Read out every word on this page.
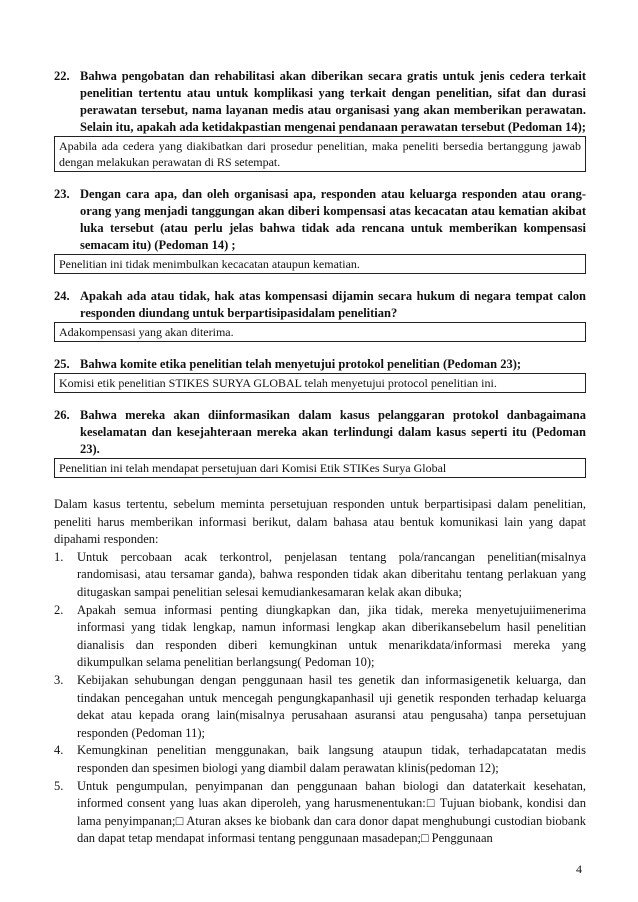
22. Bahwa pengobatan dan rehabilitasi akan diberikan secara gratis untuk jenis cedera terkait penelitian tertentu atau untuk komplikasi yang terkait dengan penelitian, sifat dan durasi perawatan tersebut, nama layanan medis atau organisasi yang akan memberikan perawatan. Selain itu, apakah ada ketidakpastian mengenai pendanaan perawatan tersebut (Pedoman 14);
Apabila ada cedera yang diakibatkan dari prosedur penelitian, maka peneliti bersedia bertanggung jawab dengan melakukan perawatan di RS setempat.
23. Dengan cara apa, dan oleh organisasi apa, responden atau keluarga responden atau orang-orang yang menjadi tanggungan akan diberi kompensasi atas kecacatan atau kematian akibat luka tersebut (atau perlu jelas bahwa tidak ada rencana untuk memberikan kompensasi semacam itu) (Pedoman 14) ;
Penelitian ini tidak menimbulkan kecacatan ataupun kematian.
24. Apakah ada atau tidak, hak atas kompensasi dijamin secara hukum di negara tempat calon responden diundang untuk berpartisipasidalam penelitian?
Adakompensasi yang akan diterima.
25. Bahwa komite etika penelitian telah menyetujui protokol penelitian (Pedoman 23);
Komisi etik penelitian STIKES SURYA GLOBAL telah menyetujui protocol penelitian ini.
26. Bahwa mereka akan diinformasikan dalam kasus pelanggaran protokol danbagaimana keselamatan dan kesejahteraan mereka akan terlindungi dalam kasus seperti itu (Pedoman 23).
Penelitian ini telah mendapat persetujuan dari Komisi Etik STIKes Surya Global
Dalam kasus tertentu, sebelum meminta persetujuan responden untuk berpartisipasi dalam penelitian, peneliti harus memberikan informasi berikut, dalam bahasa atau bentuk komunikasi lain yang dapat dipahami responden:
1.	Untuk percobaan acak terkontrol, penjelasan tentang pola/rancangan penelitian(misalnya randomisasi, atau tersamar ganda), bahwa responden tidak akan diberitahu tentang perlakuan yang ditugaskan sampai penelitian selesai kemudiankesamaran kelak akan dibuka;
2.	Apakah semua informasi penting diungkapkan dan, jika tidak, mereka menyetujuiimenerima informasi yang tidak lengkap, namun informasi lengkap akan diberikansebelum hasil penelitian dianalisis dan responden diberi kemungkinan untuk menarikdata/informasi mereka yang dikumpulkan selama penelitian berlangsung( Pedoman 10);
3.	Kebijakan sehubungan dengan penggunaan hasil tes genetik dan informasigenetik keluarga, dan tindakan pencegahan untuk mencegah pengungkapanhasil uji genetik responden terhadap keluarga dekat atau kepada orang lain(misalnya perusahaan asuransi atau pengusaha) tanpa persetujuan responden (Pedoman 11);
4.	Kemungkinan penelitian menggunakan, baik langsung ataupun tidak, terhadapcatatan medis responden dan spesimen biologi yang diambil dalam perawatan klinis(pedoman 12);
5.	Untuk pengumpulan, penyimpanan dan penggunaan bahan biologi dan dataterkait kesehatan, informed consent yang luas akan diperoleh, yang harusmenentukan:□ Tujuan biobank, kondisi dan lama penyimpanan;□ Aturan akses ke biobank dan cara donor dapat menghubungi custodian biobank dan dapat tetap mendapat informasi tentang penggunaan masadepan;□ Penggunaan
4
